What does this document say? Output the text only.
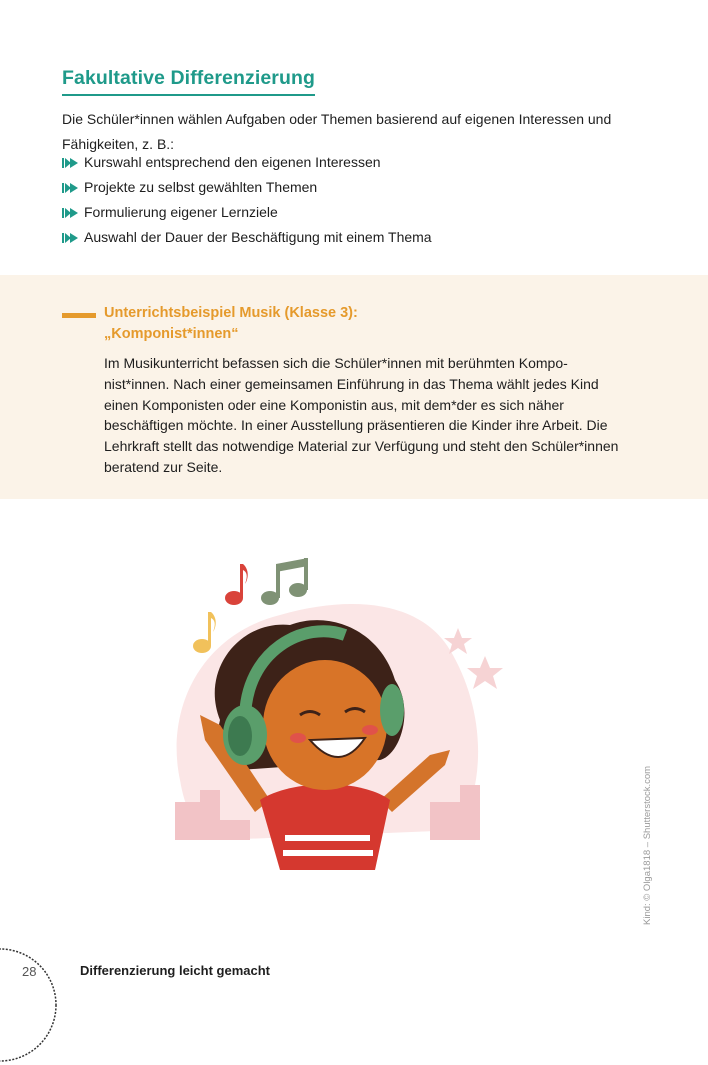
Fakultative Differenzierung

Die Schüler*innen wählen Aufgaben oder Themen basierend auf eigenen Interessen und Fähigkeiten, z. B.:

Kurswahl entsprechend den eigenen Interessen
Projekte zu selbst gewählten Themen
Formulierung eigener Lernziele
Auswahl der Dauer der Beschäftigung mit einem Thema
Unterrichtsbeispiel Musik (Klasse 3):
„Komponist*innen“

Im Musikunterricht befassen sich die Schüler*innen mit berühmten Komponist*innen. Nach einer gemeinsamen Einführung in das Thema wählt jedes Kind einen Komponisten oder eine Komponistin aus, mit dem*der es sich näher beschäftigen möchte. In einer Ausstellung präsentieren die Kinder ihre Arbeit. Die Lehrkraft stellt das notwendige Material zur Verfügung und steht den Schüler*innen beratend zur Seite.

Kind: © Olga1818 – Shutterstock.com
28	Differenzierung leicht gemacht
